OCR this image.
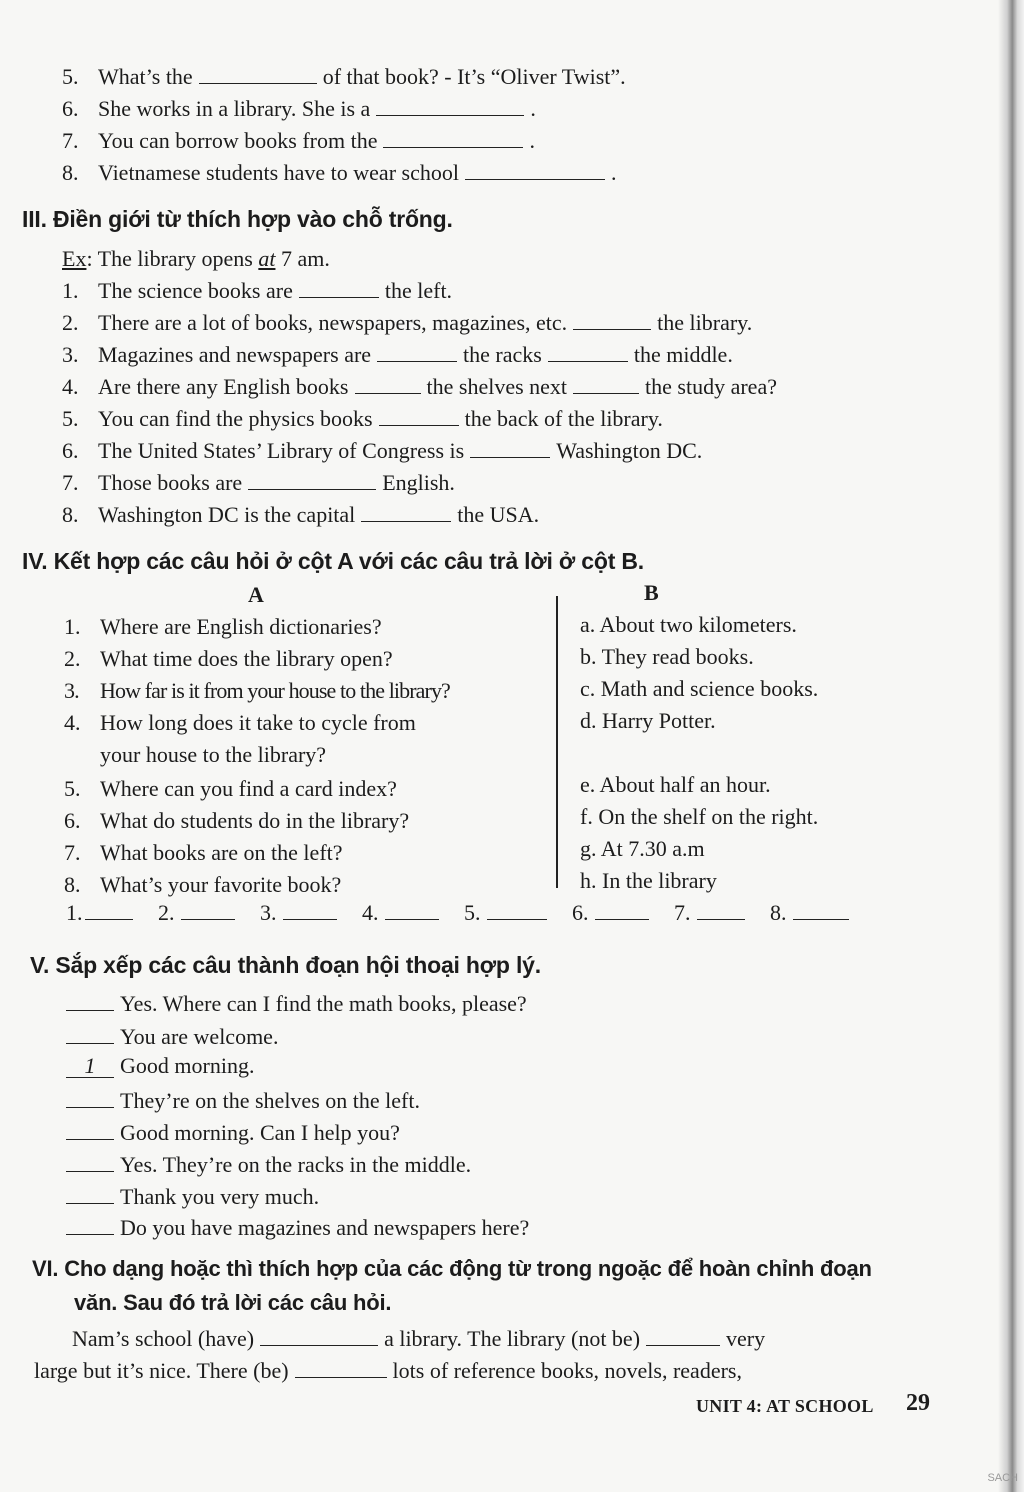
5. What’s the	of that book? - It’s “Oliver Twist”.
6. She works in a library. She is a	.
7. You can borrow books from the	.
8. Vietnamese students have to wear school	.
III. Điền giới từ thích hợp vào chỗ trống.
Ex: The library opens at 7 am.
1. The science books are	the left.
2. There are a lot of books, newspapers, magazines, etc.	the library.
3. Magazines and newspapers are	the racks	the middle.
4. Are there any English books	the shelves next	the study area?
5. You can find the physics books	the back of the library.
6. The United States’ Library of Congress is	Washington DC.
7. Those books are	English.
8. Washington DC is the capital	the USA.
IV. Kết hợp các câu hỏi ở cột A với các câu trả lời ở cột B.
A	B
1. Where are English dictionaries?
2. What time does the library open?
3. How far is it from your house to the library?
4. How long does it take to cycle from
your house to the library?
5. Where can you find a card index?
6. What do students do in the library?
7. What books are on the left?
8. What’s your favorite book?
a. About two kilometers.
b. They read books.
c. Math and science books.
d. Harry Potter.
e. About half an hour.
f. On the shelf on the right.
g. At 7.30 a.m
h. In the library
1.	2.	3.	4.	5.	6.	7.	8.
V. Sắp xếp các câu thành đoạn hội thoại hợp lý.
Yes. Where can I find the math books, please?
You are welcome.
1 Good morning.
They’re on the shelves on the left.
Good morning. Can I help you?
Yes. They’re on the racks in the middle.
Thank you very much.
Do you have magazines and newspapers here?
VI. Cho dạng hoặc thì thích hợp của các động từ trong ngoặc để hoàn chỉnh đoạn
văn. Sau đó trả lời các câu hỏi.
Nam’s school (have)	a library. The library (not be)	very
large but it’s nice. There (be)	lots of reference books, novels, readers,
UNIT 4: AT SCHOOL 29
SACH
